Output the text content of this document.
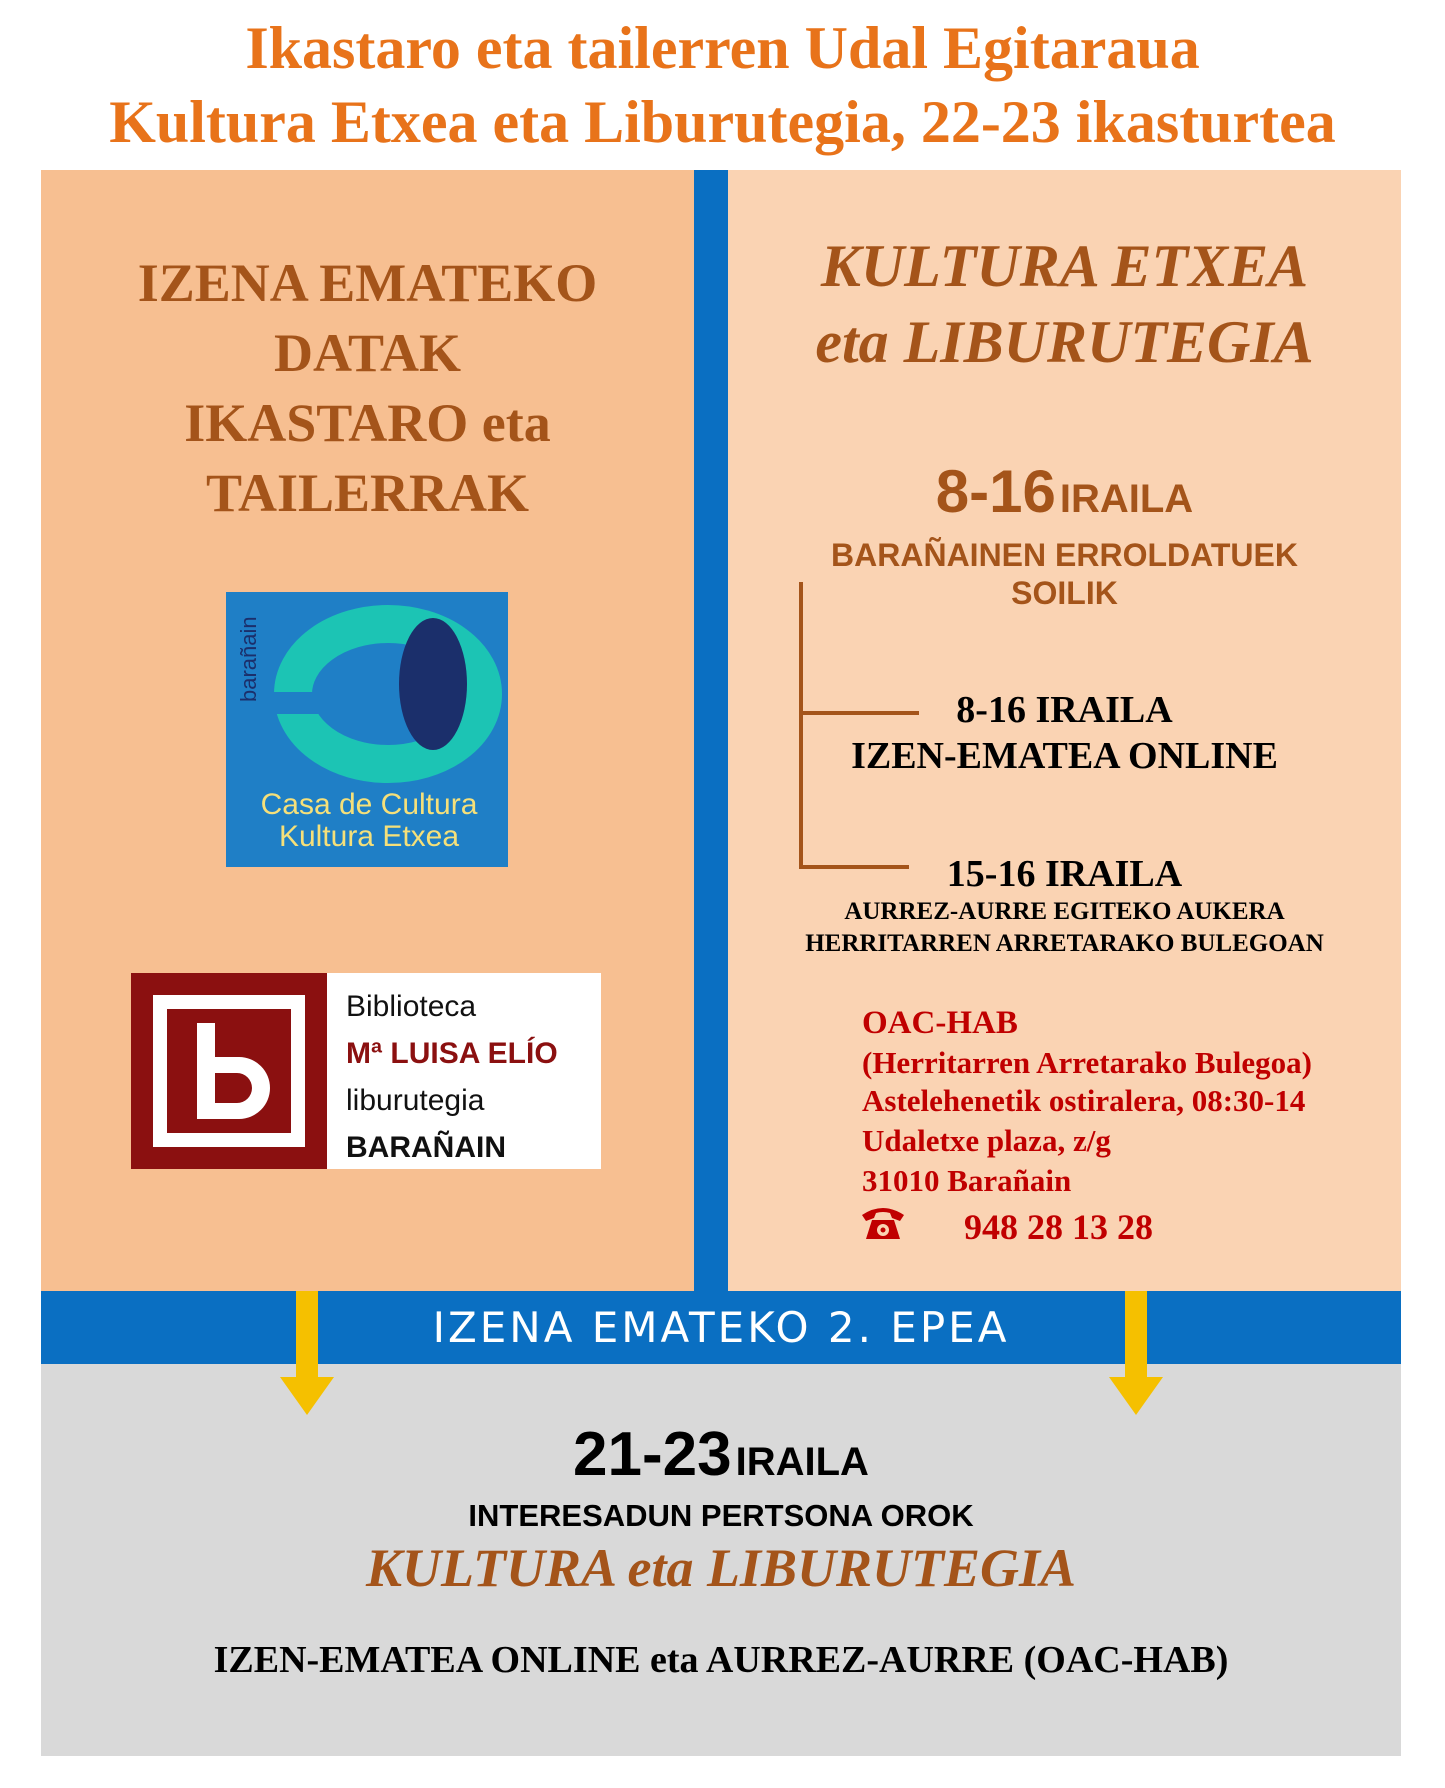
Ikastaro eta tailerren Udal Egitaraua
Kultura Etxea eta Liburutegia, 22-23 ikasturtea
IZENA EMATEKO
DATAK
IKASTARO eta
TAILERRAK
barañain
Casa de Cultura
Kultura Etxea
Biblioteca
Mª LUISA ELÍO
liburutegia
BARAÑAIN
KULTURA ETXEA
eta LIBURUTEGIA
8-16 IRAILA
BARAÑAINEN ERROLDATUEK
SOILIK
8-16 IRAILA
IZEN-EMATEA ONLINE
15-16 IRAILA
AURREZ-AURRE EGITEKO AUKERA
HERRITARREN ARRETARAKO BULEGOAN
OAC-HAB
(Herritarren Arretarako Bulegoa)
Astelehenetik ostiralera, 08:30-14
Udaletxe plaza, z/g
31010 Barañain
948 28 13 28
IZENA EMATEKO 2. EPEA
21-23 IRAILA
INTERESADUN PERTSONA OROK
KULTURA eta LIBURUTEGIA
IZEN-EMATEA ONLINE eta AURREZ-AURRE (OAC-HAB)
